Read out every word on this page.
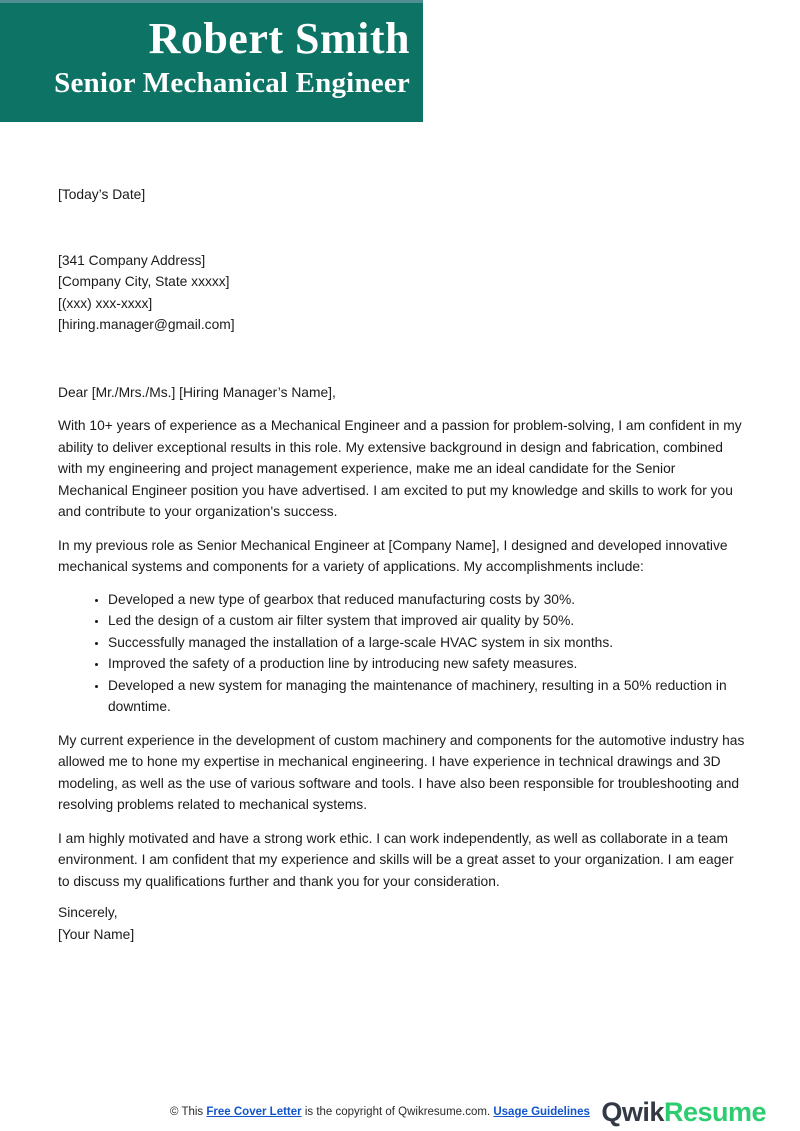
Robert Smith
Senior Mechanical Engineer

[Today’s Date]

[341 Company Address]
[Company City, State xxxxx]
[(xxx) xxx-xxxx]
[hiring.manager@gmail.com]

Dear [Mr./Mrs./Ms.] [Hiring Manager’s Name],

With 10+ years of experience as a Mechanical Engineer and a passion for problem-solving, I am confident in my ability to deliver exceptional results in this role. My extensive background in design and fabrication, combined with my engineering and project management experience, make me an ideal candidate for the Senior Mechanical Engineer position you have advertised. I am excited to put my knowledge and skills to work for you and contribute to your organization's success.

In my previous role as Senior Mechanical Engineer at [Company Name], I designed and developed innovative mechanical systems and components for a variety of applications. My accomplishments include:

• Developed a new type of gearbox that reduced manufacturing costs by 30%.
• Led the design of a custom air filter system that improved air quality by 50%.
• Successfully managed the installation of a large-scale HVAC system in six months.
• Improved the safety of a production line by introducing new safety measures.
• Developed a new system for managing the maintenance of machinery, resulting in a 50% reduction in downtime.

My current experience in the development of custom machinery and components for the automotive industry has allowed me to hone my expertise in mechanical engineering. I have experience in technical drawings and 3D modeling, as well as the use of various software and tools. I have also been responsible for troubleshooting and resolving problems related to mechanical systems.

I am highly motivated and have a strong work ethic. I can work independently, as well as collaborate in a team environment. I am confident that my experience and skills will be a great asset to your organization. I am eager to discuss my qualifications further and thank you for your consideration.

Sincerely,
[Your Name]
© This Free Cover Letter is the copyright of Qwikresume.com. Usage Guidelines QwikResume
